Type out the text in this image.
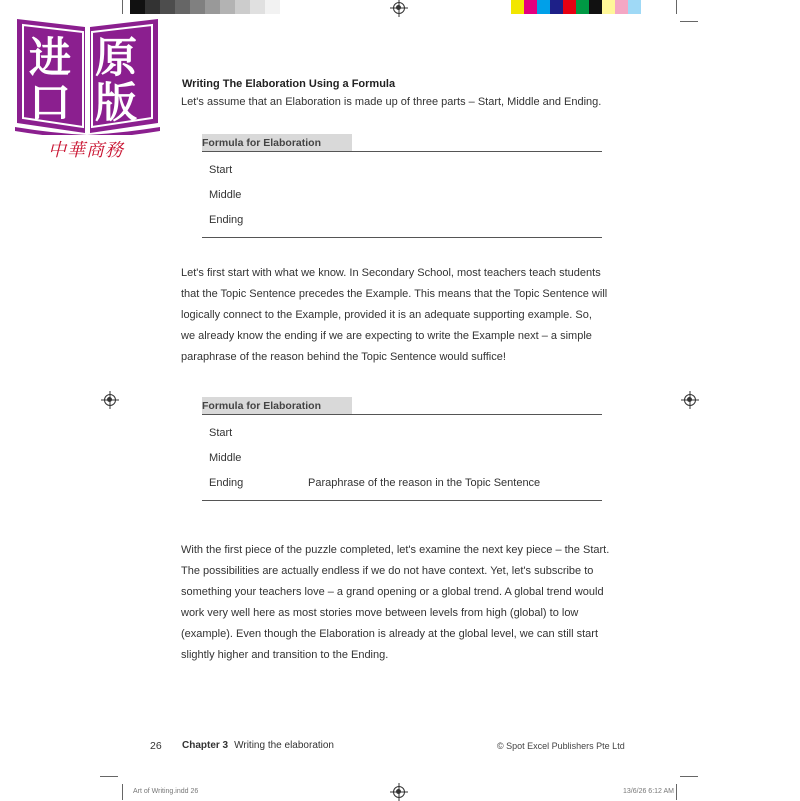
进 原
口 版
中華商務
Writing The Elaboration Using a Formula
Let's assume that an Elaboration is made up of three parts – Start, Middle and Ending.
Formula for Elaboration
Start
Middle
Ending
Let's first start with what we know. In Secondary School, most teachers teach students
that the Topic Sentence precedes the Example. This means that the Topic Sentence will
logically connect to the Example, provided it is an adequate supporting example. So,
we already know the ending if we are expecting to write the Example next – a simple
paraphrase of the reason behind the Topic Sentence would suffice!
Formula for Elaboration
Start
Middle
Ending	Paraphrase of the reason in the Topic Sentence
With the first piece of the puzzle completed, let's examine the next key piece – the Start.
The possibilities are actually endless if we do not have context. Yet, let's subscribe to
something your teachers love – a grand opening or a global trend. A global trend would
work very well here as most stories move between levels from high (global) to low
(example). Even though the Elaboration is already at the global level, we can still start
slightly higher and transition to the Ending.
26 Chapter 3 Writing the elaboration	© Spot Excel Publishers Pte Ltd
Art of Writing.indd 26	13/6/26 6:12 AM
